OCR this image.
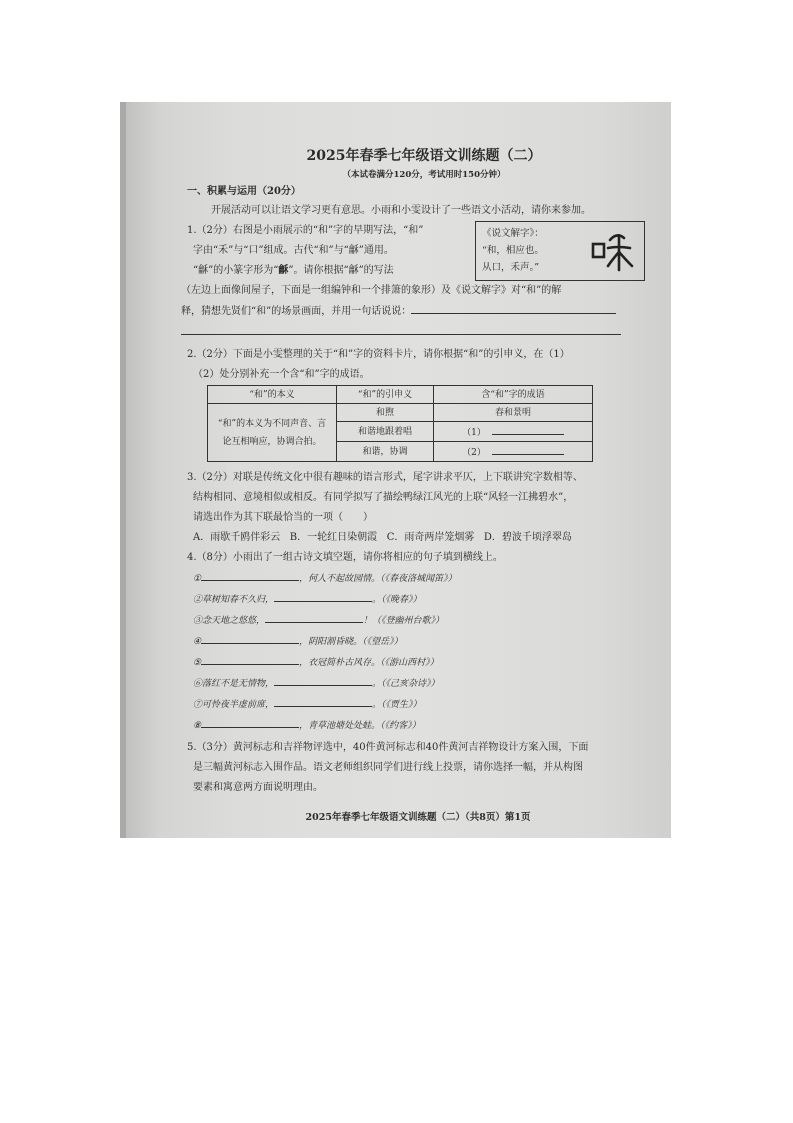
2025年春季七年级语文训练题（二）
（本试卷满分120分，考试用时150分钟）
一、积累与运用（20分）
开展活动可以让语文学习更有意思。小雨和小雯设计了一些语文小活动，请你来参加。
1.（2分）右图是小雨展示的“和”字的早期写法，“和”
字由“禾”与“口”组成。古代“和”与“龢”通用。
“龢”的小篆字形为“龢”。请你根据“龢”的写法
（左边上面像间屋子，下面是一组编钟和一个排箫的象形）及《说文解字》对“和”的解
释，猜想先贤们“和”的场景画面，并用一句话说说：
《说文解字》：
“和，相应也。
从口，禾声。”
2.（2分）下面是小雯整理的关于“和”字的资料卡片，请你根据“和”的引申义，在（1）
（2）处分别补充一个含“和”字的成语。
“和”的本义	“和”的引申义	含“和”字的成语

“和”的本义为不同声音、言
论互相响应，协调合拍。	和煦	春和景明
	和谐地跟着唱	（1）
	和谐，协调	（2）
3.（2分）对联是传统文化中很有趣味的语言形式，尾字讲求平仄，上下联讲究字数相等、
结构相同、意境相似或相反。有同学拟写了描绘鸭绿江风光的上联“风轻一江拂碧水”，
请选出作为其下联最恰当的一项（　　）
A．雨歇千鸥伴彩云 B．一轮红日染朝霞 C．雨奇两岸笼烟雾 D．碧波千顷浮翠岛
4.（8分）小雨出了一组古诗文填空题，请你将相应的句子填到横线上。
①	，何人不起故园情。（《春夜洛城闻笛》）
②草树知春不久归，	。（《晚春》）
③念天地之悠悠，	！（《登幽州台歌》）
④	，阴阳割昏晓。（《望岳》）
⑤	，衣冠简朴古风存。（《游山西村》）
⑥落红不是无情物，	。（《己亥杂诗》）
⑦可怜夜半虚前席，	。（《贾生》）
⑧	，青草池塘处处蛙。（《约客》）
5.（3分）黄河标志和吉祥物评选中，40件黄河标志和40件黄河吉祥物设计方案入围，下面
是三幅黄河标志入围作品。语文老师组织同学们进行线上投票，请你选择一幅，并从构图
要素和寓意两方面说明理由。
2025年春季七年级语文训练题（二）（共8页）第1页
